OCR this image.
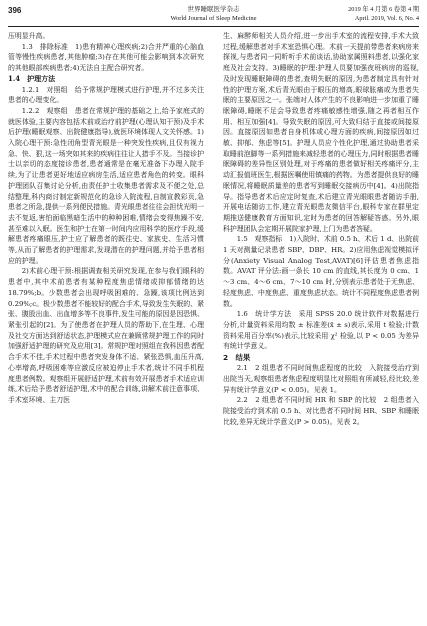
396	世界睡眠医学杂志
World Journal of Sleep Medicine
2019 年 4 月第 6 卷第 4 期
April. 2019, Vol. 6, No. 4

压明显升高。

1.3　排除标准　1)患有精神心理疾病;2)合并严重的心脑血管等慢性疾病患者,其他肿瘤;3)存在其他可能会影响到本次研究的其他眼部疾病患者;4)无法自主配合研究者。

1.4　护理方法

1.2.1　对照组　给予常规护理模式进行护理,并不过多关注患者的心理变化。

1.2.2　观察组　患者在常规护理的基础之上,给予家庭式的就医体验,主要内容包括术前或治疗前护理(心理认知干预)及手术后护理(睡眠观察、出院健康指导),就医环境体现人文关怀感。1)入院心理干预:急性闭角型青光眼是一种突发性疾病,且仅有视力急、快、狠,这一场突如其来的疾病往往让人措手不及。当接诊护士以亲切的态度接诊患者,患者通常是在毫无准备下办理入院手续,为了让患者更好地适应病房生活,适应患者角色的转变。眼科护理团队召集讨论分析,由责任护士收集患者需求及不便之处,总结整理,科内商讨制定新规范化的急诊入院流程,自制宣教彩页,急患者之所急,提供一系列便民措施。青光眼患者往往会担忧光明一去不复返,害怕面临黑暗生活中的种种困难,情绪会变得焦躁不安,甚至难以入眠。医生和护士在第一时间内应用科学的医疗手段,缓解患者疼痛眼压,护士应了解患者的既往史、家族史、生活习惯等,从而了解患者的护理需求,发现潜在的护理问题,并给予患者相应的护理。

2)术前心理干预:根据调查相关研究发现,在参与我们眼科的患者中,其中术前患者有某种程度焦虑情绪或抑郁情绪的达 18.79%;b。少数患者会出现呼吸困难的、急躁,该项比例达到 0.29%;c。极少数患者不能较好的配合手术,导致发生失眠的、紧张、腹股出血、出血增多等不良事件,发生可能的原因是因恐惧、紧张引起的[2]。为了使患者在护理人员的帮助下,在生理、心理及社交方面达到舒适状态,护理模式应在兼顾常规护理工作的同时加强舒适护理的研究及应用[3]。常规护理对照组在我科因患者配合手术不佳,手术过程中患者突发身体不适、紧张恐惧,血压升高,心率增高,呼吸困难等应激反应被迫停止手术者,统计不同手机程度患者例数。观察组开展舒适护理,术前有效开展患者手术适应训练,术后给予患者舒适护理,术中的配合训练,讲解术前注意事项、手术室环境、主刀医

生、麻醉师相关人员介绍,进一步出手术室的流程安排,手术大致过程,缓解患者对手术室恐惧心理。术前一天提前带患者来病房来探视,与患者同一同昕听手术前谈话,协助家属照料患者,以强化家庭及社会支持。3)睡眠的护理:护理人员要加强夜班病房的巡视,及时发现睡眠障碍的患者,查明失眠的原因,为患者制定具有针对性的护理方案,术后青光眼由于眼压的增高,眼球胀痛或为患者失眠的主要原因之一。张端对人体产生的不良影响进一步加重了睡眠障碍,睡眠不足会导致患者疼痛敏感性增强,随之再者相互作用、相互加强[4]。导致失眠的原因,可大致归结于直接或间接原因。直接原因如患者自身机体或心理方面的疾病,间接原因如过敏、抑郁、焦虑等[5]。护理人员应个性化护理,通过协助患者采取睡前泡脚等一系列措施来减轻患者的心理压力,同时根据患者睡眠障碍的差异性区别处理,对于疼痛的患者做好相关疼痛评分,主动汇报值班医生,根据医嘱使用镇痛的药物。为患者提供良好的睡眠情况,将睡眠质量差的患者写到睡眠交接病历中[4]。4)出院指导。指导患者术后应定时复查,术后建立青光眼眼患者随访手册,开展电话随访工作,建立青光眼患友微信平台,眼科专家在群里定期推送健康教育方面知识,定时为患者的回答解疑答惑。另外,眼科护理团队会定期开展院家护理,上门为患者答疑。

1.5　观察指标　1)入院时、术前 0.5 h、术后 1 d、出院前 1 天对测量记录患者 SBP、DBP、HR。2)应用焦虑视觉模拟评分(Anxiety Visual Analog Test,AVAT)[6]评估患者焦虑指数。AVAT 评分法:画一条长 10 cm 的直线,其长度为 0 cm、1～3 cm、4～6 cm、7～10 cm 时,分别表示患者处于无焦虑、轻度焦虑、中度焦虑、重度焦虑状态。统计不同程度焦虑患者例数。

1.6　统计学方法　采用 SPSS 20.0 统计软件对数据进行分析,计量资料采用均数 ± 标准差(x̄ ± s)表示,采用 t 检验;计数资料采用百分率(%)表示,比较采用 χ² 检验,以 P < 0.05 为差异有统计学意义。

2　结果

2.1　2 组患者不同时间焦虑程度的比较　入院接受治疗到出院当天,观察组患者焦虑程度明显比对照组有所减轻,经比较,差异有统计学意义(P < 0.05)。见表 1。

2.2　2 组患者不同时间 HR 和 SBP 的比较　2 组患者入院接受治疗到术前 0.5 h、对比患者不同时间 HR、SBP 和睡眠比较,差异无统计学意义(P > 0.05)。见表 2。
